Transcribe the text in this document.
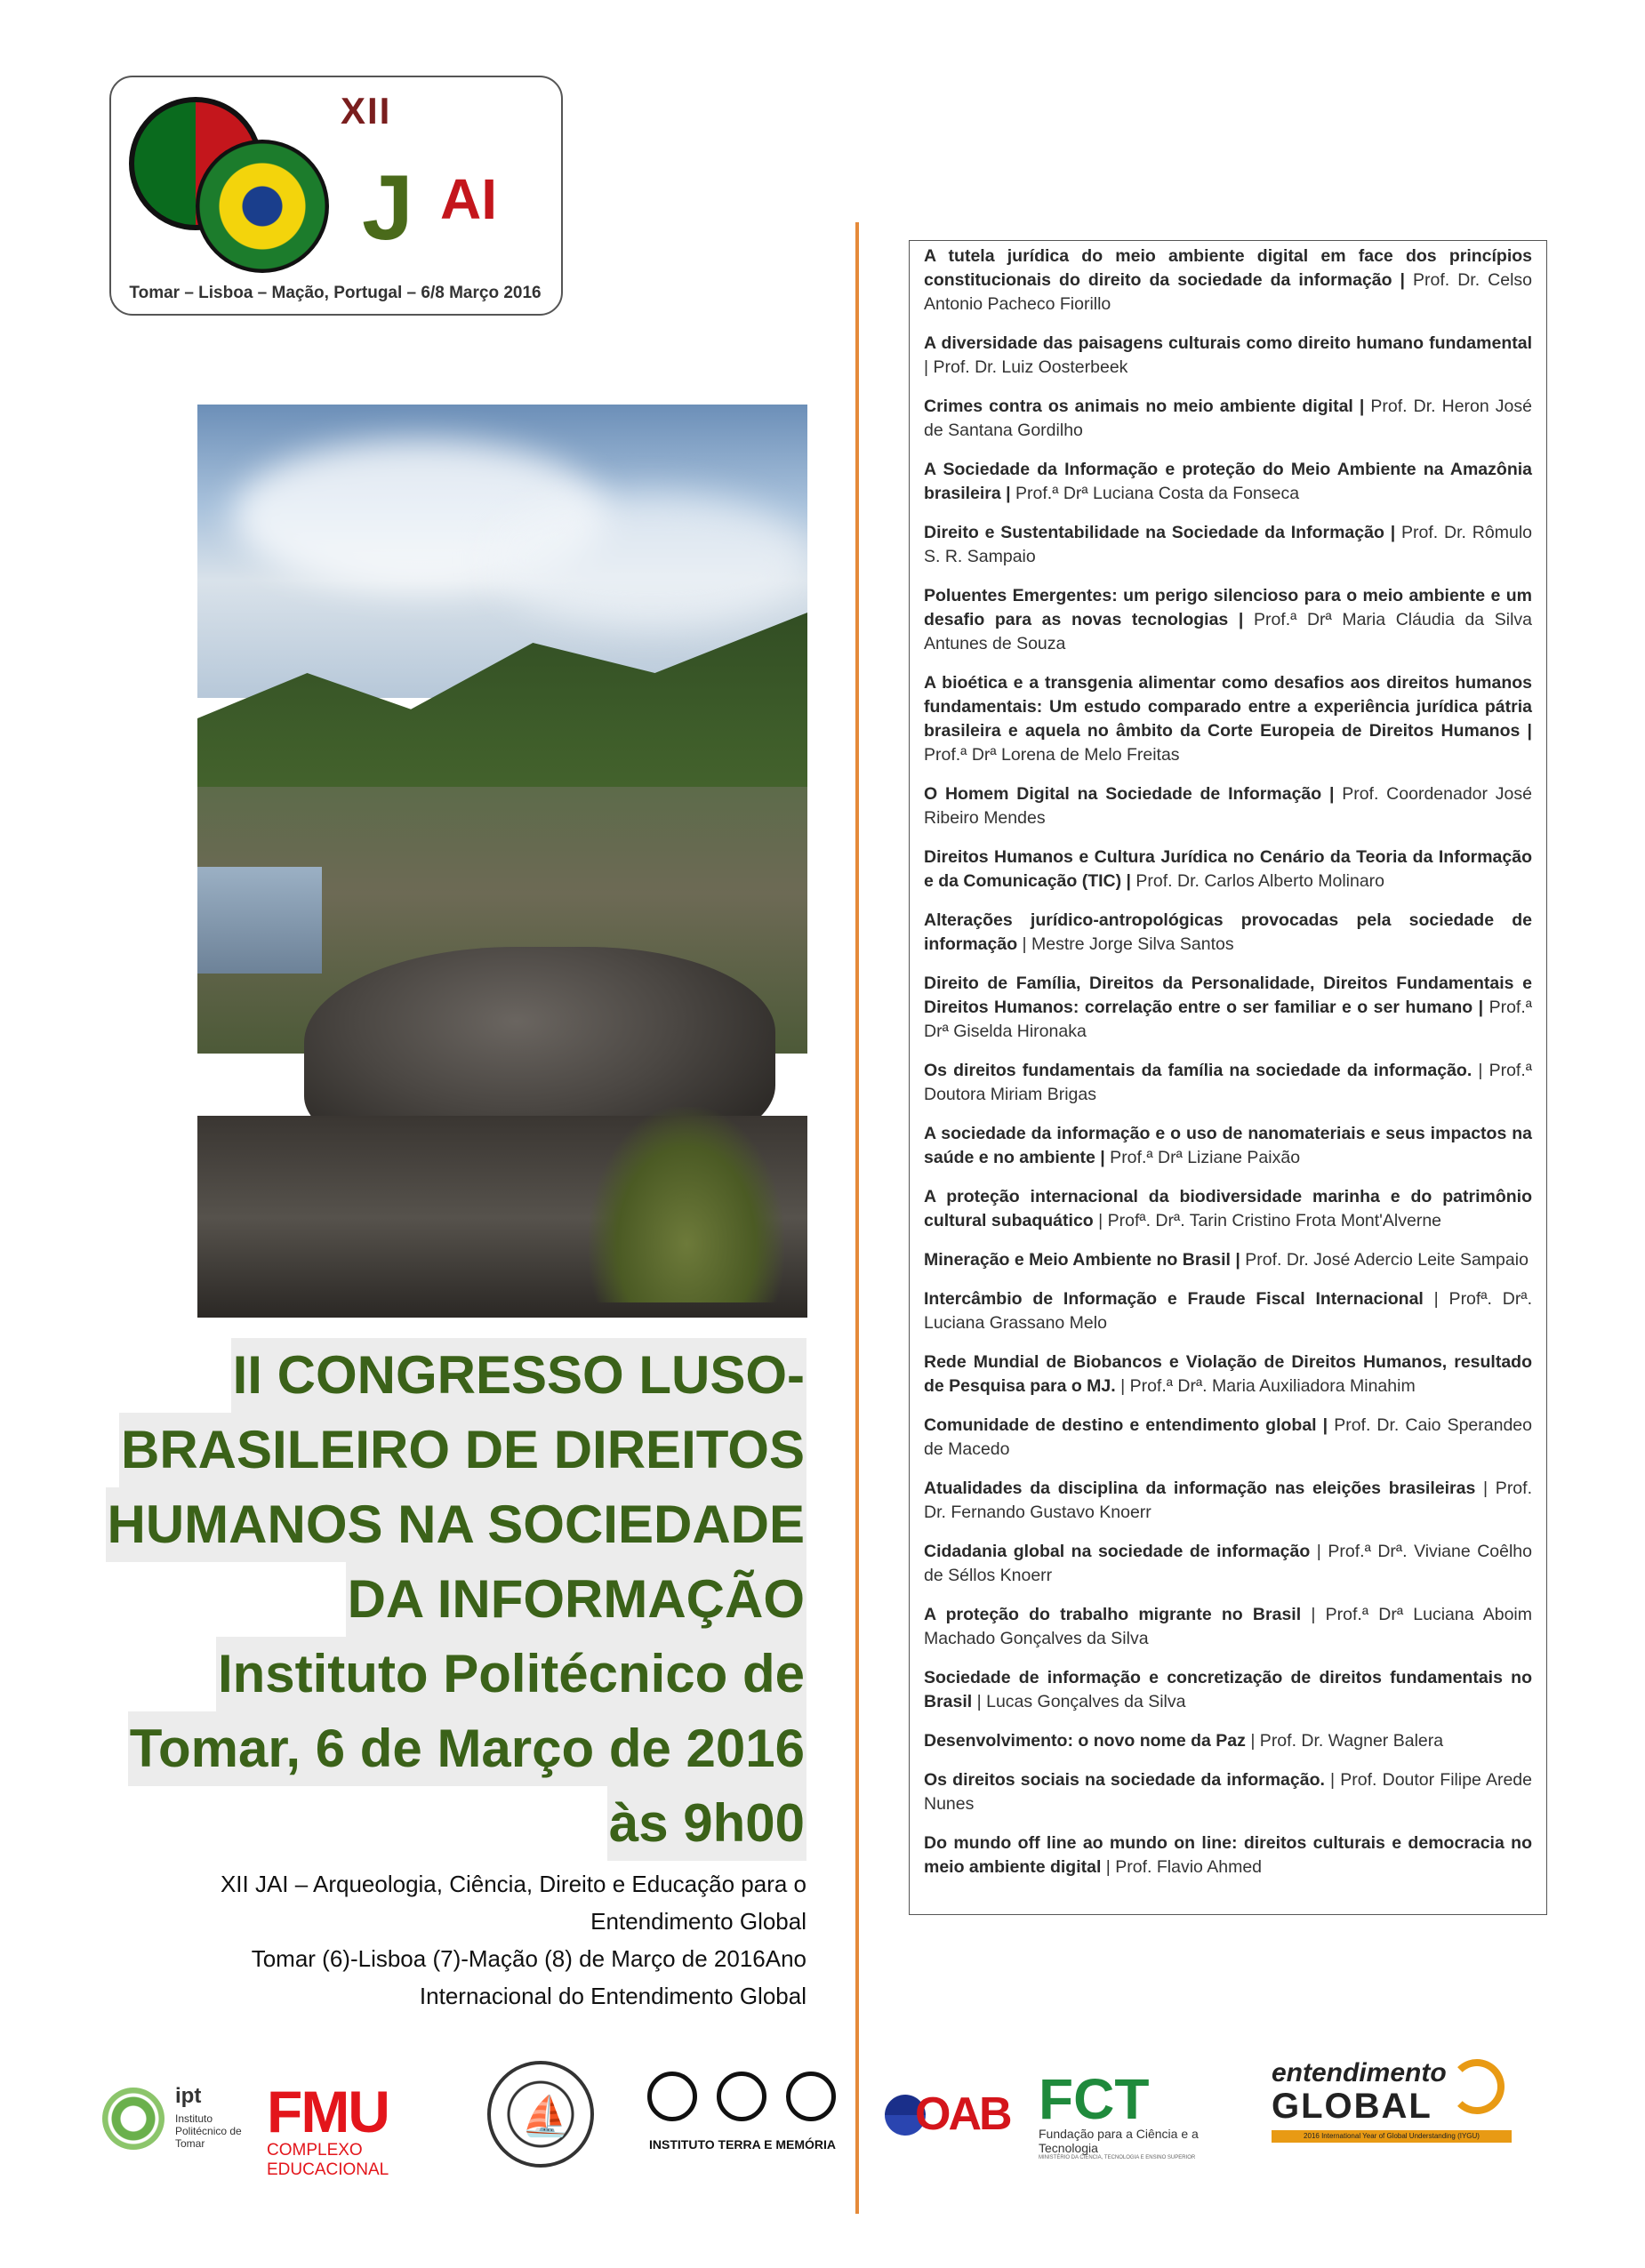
XII
J AI
Tomar – Lisboa – Mação, Portugal – 6/8 Março 2016
II CONGRESSO LUSO-
BRASILEIRO DE DIREITOS
HUMANOS NA SOCIEDADE
DA INFORMAÇÃO
Instituto Politécnico de
Tomar, 6 de Março de 2016
às 9h00
XII JAI – Arqueologia, Ciência, Direito e Educação para o
Entendimento Global
Tomar (6)-Lisboa (7)-Mação (8) de Março de 2016Ano
Internacional do Entendimento Global
A tutela jurídica do meio ambiente digital em face dos princípios constitucionais do direito da sociedade da informação | Prof. Dr. Celso Antonio Pacheco Fiorillo
A diversidade das paisagens culturais como direito humano fundamental | Prof. Dr. Luiz Oosterbeek
Crimes contra os animais no meio ambiente digital | Prof. Dr. Heron José de Santana Gordilho
A Sociedade da Informação e proteção do Meio Ambiente na Amazônia brasileira | Prof.ª Drª Luciana Costa da Fonseca
Direito e Sustentabilidade na Sociedade da Informação | Prof. Dr. Rômulo S. R. Sampaio
Poluentes Emergentes: um perigo silencioso para o meio ambiente e um desafio para as novas tecnologias | Prof.ª Drª Maria Cláudia da Silva Antunes de Souza
A bioética e a transgenia alimentar como desafios aos direitos humanos fundamentais: Um estudo comparado entre a experiência jurídica pátria brasileira e aquela no âmbito da Corte Europeia de Direitos Humanos | Prof.ª Drª Lorena de Melo Freitas
O Homem Digital na Sociedade de Informação | Prof. Coordenador José Ribeiro Mendes
Direitos Humanos e Cultura Jurídica no Cenário da Teoria da Informação e da Comunicação (TIC) | Prof. Dr. Carlos Alberto Molinaro
Alterações jurídico-antropológicas provocadas pela sociedade de informação | Mestre Jorge Silva Santos
Direito de Família, Direitos da Personalidade, Direitos Fundamentais e Direitos Humanos: correlação entre o ser familiar e o ser humano | Prof.ª Drª Giselda Hironaka
Os direitos fundamentais da família na sociedade da informação. | Prof.ª Doutora Miriam Brigas
A sociedade da informação e o uso de nanomateriais e seus impactos na saúde e no ambiente | Prof.ª Drª Liziane Paixão
A proteção internacional da biodiversidade marinha e do patrimônio cultural subaquático | Profª. Drª. Tarin Cristino Frota Mont'Alverne
Mineração e Meio Ambiente no Brasil | Prof. Dr. José Adercio Leite Sampaio
Intercâmbio de Informação e Fraude Fiscal Internacional | Profª. Drª. Luciana Grassano Melo
Rede Mundial de Biobancos e Violação de Direitos Humanos, resultado de Pesquisa para o MJ. | Prof.ª Drª. Maria Auxiliadora Minahim
Comunidade de destino e entendimento global | Prof. Dr. Caio Sperandeo de Macedo
Atualidades da disciplina da informação nas eleições brasileiras | Prof. Dr. Fernando Gustavo Knoerr
Cidadania global na sociedade de informação | Prof.ª Drª. Viviane Coêlho de Séllos Knoerr
A proteção do trabalho migrante no Brasil | Prof.ª Drª Luciana Aboim Machado Gonçalves da Silva
Sociedade de informação e concretização de direitos fundamentais no Brasil | Lucas Gonçalves da Silva
Desenvolvimento: o novo nome da Paz | Prof. Dr. Wagner Balera
Os direitos sociais na sociedade da informação. | Prof. Doutor Filipe Arede Nunes
Do mundo off line ao mundo on line: direitos culturais e democracia no meio ambiente digital | Prof. Flavio Ahmed
ipt
Instituto Politécnico de Tomar	FMU
COMPLEXO EDUCACIONAL
⛵
INSTITUTO TERRA E MEMÓRIA
OAB FCT
Fundação para a Ciência e a Tecnologia
MINISTÉRIO DA CIÊNCIA, TECNOLOGIA E ENSINO SUPERIOR
entendimento
GLOBAL
2016 International Year of Global Understanding (IYGU)
